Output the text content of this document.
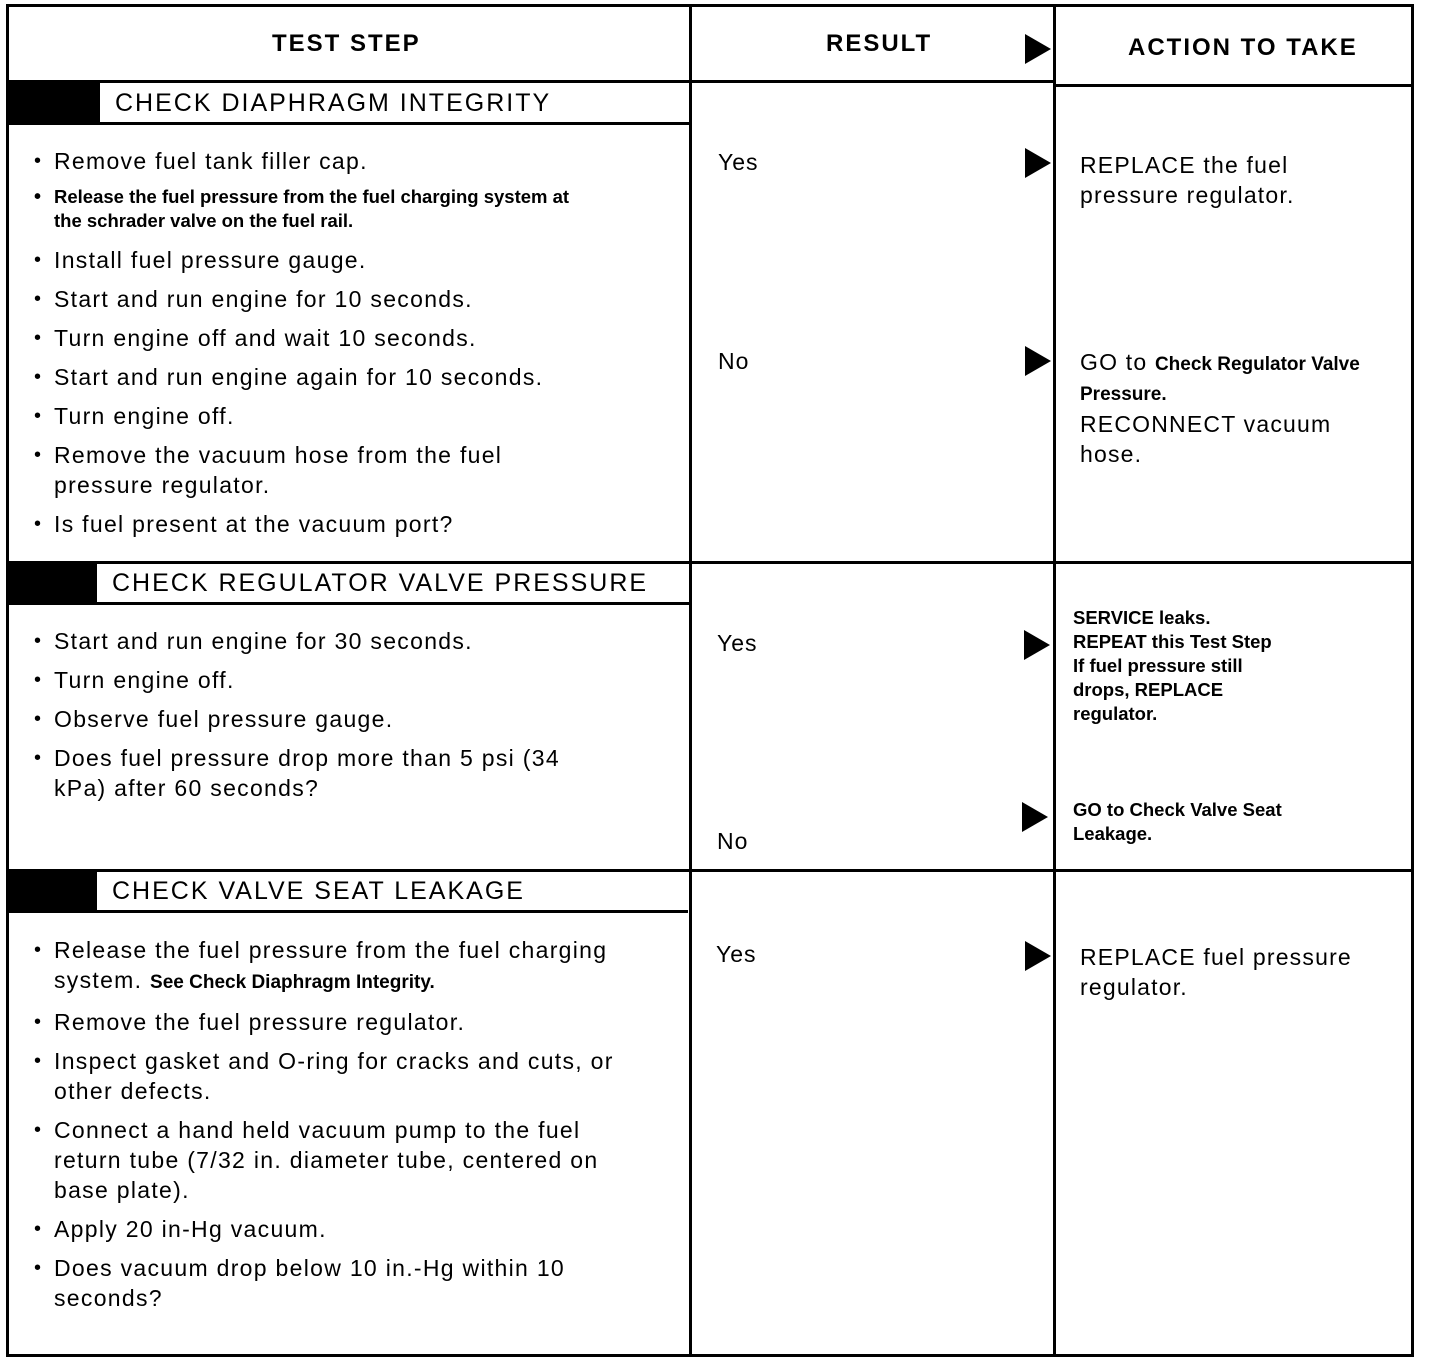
TEST STEP	RESULT	ACTION TO TAKE
CHECK DIAPHRAGM INTEGRITY
• Remove fuel tank filler cap.
• Release the fuel pressure from the fuel charging system at the schrader valve on the fuel rail.
• Install fuel pressure gauge.
• Start and run engine for 10 seconds.
• Turn engine off and wait 10 seconds.
• Start and run engine again for 10 seconds.
• Turn engine off.
• Remove the vacuum hose from the fuel pressure regulator.
• Is fuel present at the vacuum port?
Yes	REPLACE the fuel pressure regulator.
No	GO to Check Regulator Valve Pressure.
RECONNECT vacuum hose.
CHECK REGULATOR VALVE PRESSURE
• Start and run engine for 30 seconds.
• Turn engine off.
• Observe fuel pressure gauge.
• Does fuel pressure drop more than 5 psi (34 kPa) after 60 seconds?
Yes
SERVICE leaks.
REPEAT this Test Step
If fuel pressure still drops, REPLACE regulator.
No
GO to Check Valve Seat Leakage.
CHECK VALVE SEAT LEAKAGE
• Release the fuel pressure from the fuel charging system. See Check Diaphragm Integrity.
• Remove the fuel pressure regulator.
• Inspect gasket and O-ring for cracks and cuts, or other defects.
• Connect a hand held vacuum pump to the fuel return tube (7/32 in. diameter tube, centered on base plate).
• Apply 20 in-Hg vacuum.
• Does vacuum drop below 10 in.-Hg within 10 seconds?
Yes	REPLACE fuel pressure regulator.
